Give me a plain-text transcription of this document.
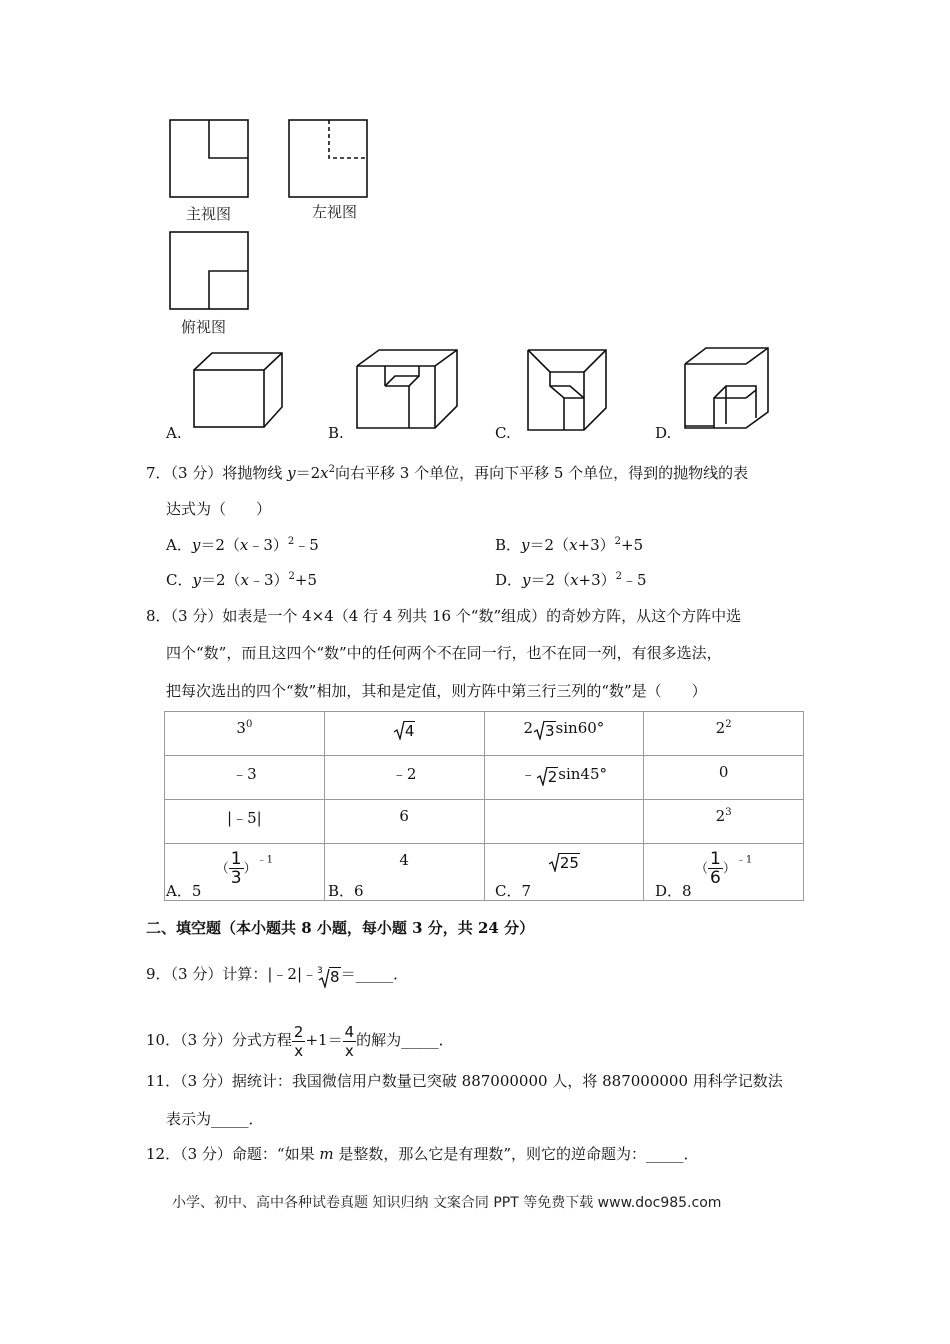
主视图	左视图
俯视图
A.	B.	C.	D.
7．（3 分）将抛物线 $y=2x^2$向右平移 3 个单位，再向下平移 5 个单位，得到的抛物线的表
达式为（　　）
A．y＝2（x﹣3）$^2$﹣5	B．$y=2(x+3)^2+5$
C．y＝2（x﹣3）$^2$+5	D．$y=2(x+3)^2﹣5$
8．（3 分）如表是一个 4×4（4 行 4 列共 16 个“数”组成）的奇妙方阵，从这个方阵中选
四个“数”，而且这四个“数”中的任何两个不在同一行，也不在同一列，有很多选法，
把每次选出的四个“数”相加，其和是定值，则方阵中第三行三列的“数”是（　　）
$3^0$	4	2 3sin60°	$2^2$
﹣3	﹣2	﹣ 2sin45°	0
|﹣5|	6		$2^3$
（ $\frac{1}{3} )^{﹣1}$	4	25	（ $\frac{1}{6} )^{﹣1}$
A．5	B．6	C．7	D．8
二、填空题（本小题共 8 小题，每小题 3 分，共 24 分）
9．（3 分）计算：|﹣2|﹣ 3 8＝_____．
10．（3 分）分式方程 $\frac{2}{x} +1= \frac{4}{x}$ 的解为_____．
11．（3 分）据统计：我国微信用户数量已突破 887000000 人，将 887000000 用科学记数法
表示为_____．
12．（3 分）命题：“如果 m 是整数，那么它是有理数”，则它的逆命题为：_____．
小学、初中、高中各种试卷真题 知识归纳 文案合同 PPT 等免费下载 www.doc985.com
